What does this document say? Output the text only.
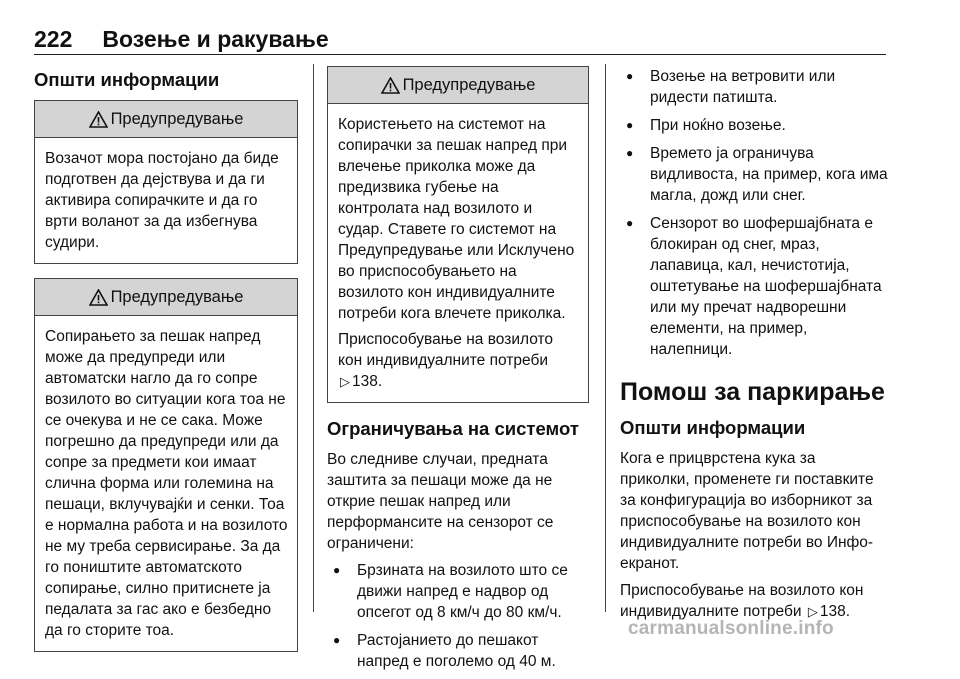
222 Возење и ракување
Општи информации
Предупредување

Возачот мора постојано да биде подготвен да дејствува и да ги активира сопирачките и да го врти воланот за да избегнува судири.

Предупредување

Сопирањето за пешак напред може да предупреди или автоматски нагло да го сопре возилото во ситуации кога тоа не се очекува и не се сака. Може погрешно да предупреди или да сопре за предмети кои имаат слична форма или големина на пешаци, вклучувајќи и сенки. Тоа е нормална работа и на возилото не му треба сервисирање. За да го поништите автоматското сопирање, силно притиснете ја педалата за гас ако е безбедно да го сторите тоа.

Предупредување

Користењето на системот на сопирачки за пешак напред при влечење приколка може да предизвика губење на контролата над возилото и судар. Ставете го системот на Предупредување или Исклучено во приспособувањето на возилото кон индивидуалните потреби кога влечете приколка.

Приспособување на возилото кон индивидуалните потреби ▷ 138.

Ограничувања на системот

Во следниве случаи, предната заштита за пешаци може да не открие пешак напред или перформансите на сензорот се ограничени:

● Брзината на возилото што се движи напред е надвор од опсегот од 8 км/ч до 80 км/ч.
● Растојанието до пешакот напред е поголемо од 40 м.
● Возење на ветровити или ридести патишта.
● При ноќно возење.
● Времето ја ограничува видливоста, на пример, кога има магла, дожд или снег.
● Сензорот во шофершајбната е блокиран од снег, мраз, лапавица, кал, нечистотија, оштетување на шофершајбната или му пречат надворешни елементи, на пример, налепници.
Помош за паркирање
Општи информации

Кога е прицврстена кука за приколки, променете ги поставките за конфигурација во изборникот за приспособување на возилото кон индивидуалните потреби во Инфо-екранот.

Приспособување на возилото кон индивидуалните потреби ▷ 138.

carmanualsonline.info
